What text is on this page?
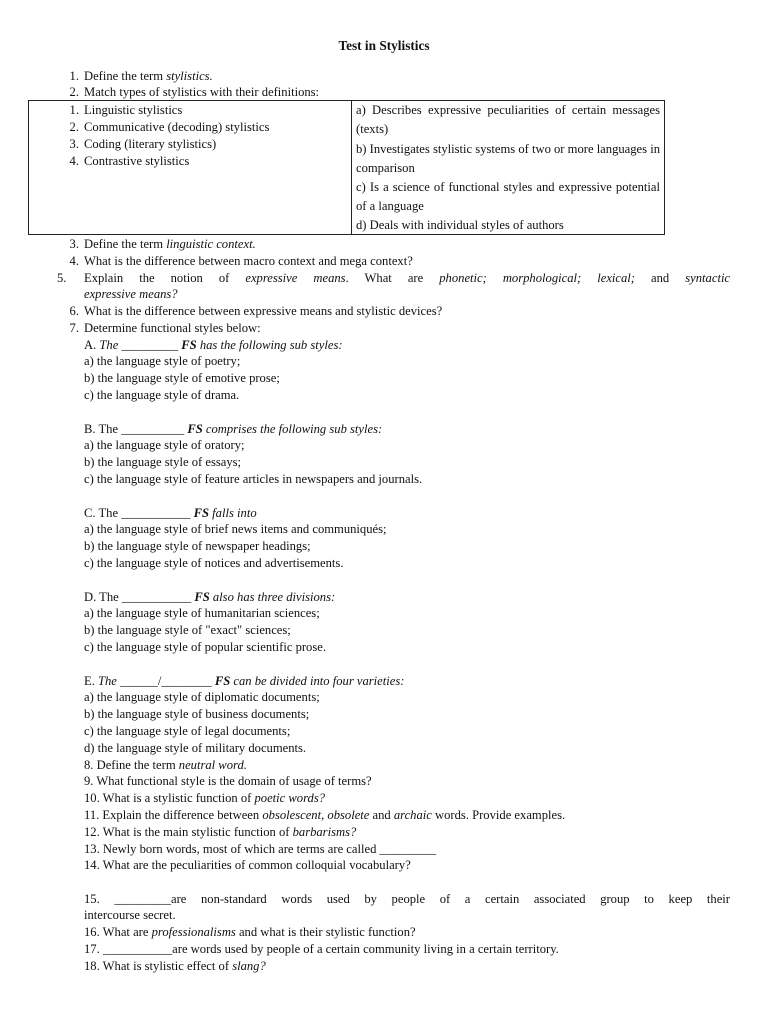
Test in Stylistics
1. Define the term stylistics.
2. Match types of stylistics with their definitions:
1. Linguistic stylistics
2. Communicative (decoding) stylistics
3. Coding (literary stylistics)
4. Contrastive stylistics
a) Describes expressive peculiarities of certain messages (texts)
b) Investigates stylistic systems of two or more languages in comparison
c) Is a science of functional styles and expressive potential of a language
d) Deals with individual styles of authors
3. Define the term linguistic context.
4. What is the difference between macro context and mega context?
5.	Explain the notion of expressive means. What are phonetic; morphological; lexical; and syntactic
expressive means?
6. What is the difference between expressive means and stylistic devices?
7. Determine functional styles below:
A. The _________ FS has the following sub styles:
a) the language style of poetry;
b) the language style of emotive prose;
c) the language style of drama.
B. The __________ FS comprises the following sub styles:
a) the language style of oratory;
b) the language style of essays;
c) the language style of feature articles in newspapers and journals.
C. The ___________ FS falls into
a) the language style of brief news items and communiqués;
b) the language style of newspaper headings;
c) the language style of notices and advertisements.
D. The ___________ FS also has three divisions:
a) the language style of humanitarian sciences;
b) the language style of "exact" sciences;
c) the language style of popular scientific prose.
E. The ______/________ FS can be divided into four varieties:
a) the language style of diplomatic documents;
b) the language style of business documents;
c) the language style of legal documents;
d) the language style of military documents.
8. Define the term neutral word.
9. What functional style is the domain of usage of terms?
10. What is a stylistic function of poetic words?
11. Explain the difference between obsolescent, obsolete and archaic words. Provide examples.
12. What is the main stylistic function of barbarisms?
13. Newly born words, most of which are terms are called _________
14. What are the peculiarities of common colloquial vocabulary?
15. _________are non-standard words used by people of a certain associated group to keep their
intercourse secret.
16. What are professionalisms and what is their stylistic function?
17. ___________are words used by people of a certain community living in a certain territory.
18. What is stylistic effect of slang?
